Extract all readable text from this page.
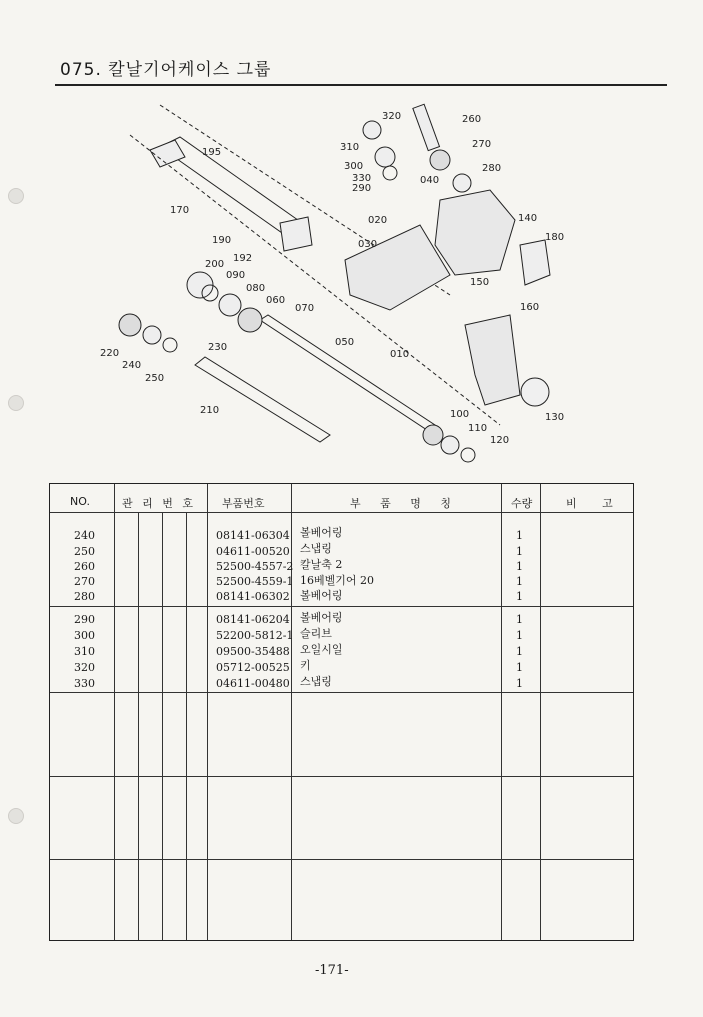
075. 칼날기어케이스 그룹
195
170
190
192
200
090
080
060
070
050
010
020
030
040
140
180
150
160
130
100
110
120
210
220
230
240
250
260
270
280
290
300
310
320
330
NO.	관 리 번 호	부품번호	부 품 명 칭	수량	비 고
240	08141-06304 볼베어링	1
250	04611-00520 스냅링	1
260	52500-4557-2 칼날축 2	1
270	52500-4559-1 16베벨기어 20	1
280	08141-06302 볼베어링	1
290	08141-06204 볼베어링	1
300	52200-5812-1 슬리브	1
310	09500-35488 오일시일	1
320	05712-00525 키	1
330	04611-00480 스냅링	1
-171-
